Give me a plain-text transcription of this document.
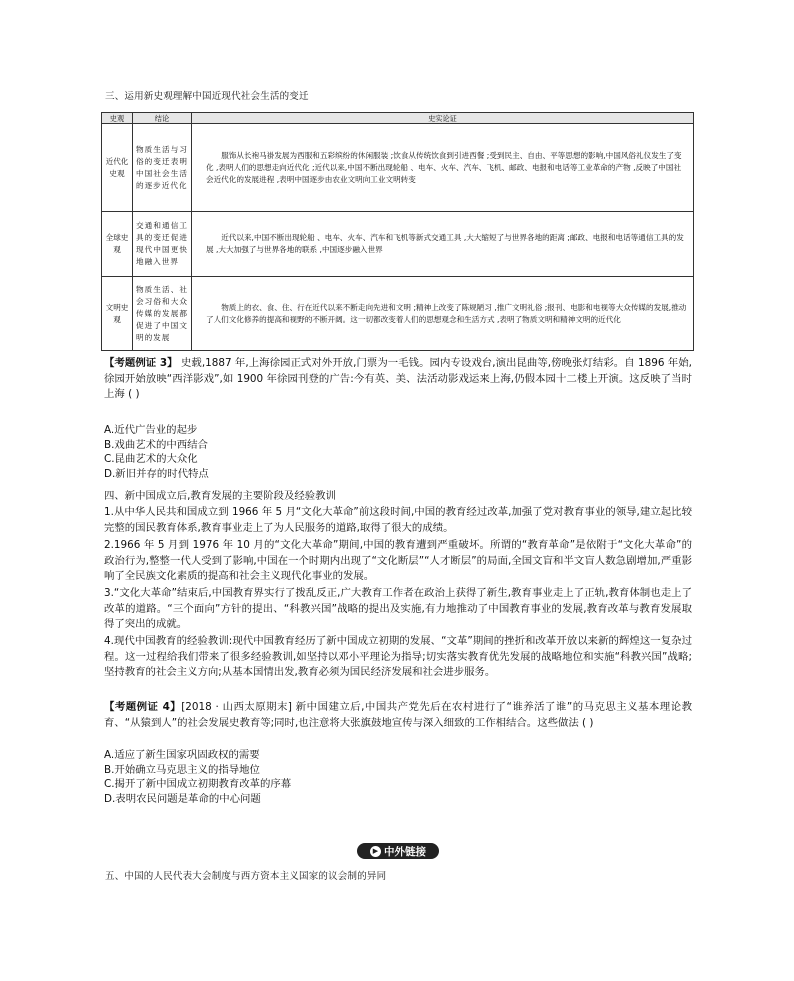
三、运用新史观理解中国近现代社会生活的变迁
史观	结论	史实论证
近代化史观	物质生活与习俗的变迁表明中国社会生活的逐步近代化	服饰从长袍马褂发展为西服和五彩缤纷的休闲服装 ;饮食从传统饮食到引进西餐 ;受到民主、自由、平等思想的影响,中国风俗礼仪发生了变化 ,表明人们的思想走向近代化 ;近代以来,中国不断出现轮船 、电车、火车、汽车、飞机、邮政、电报和电话等工业革命的产物 ,反映了中国社会近代化的发展进程 ,表明中国逐步由农业文明向工业文明转变
全球史观	交通和通信工具的变迁促进现代中国更快地融入世界	近代以来,中国不断出现轮船 、电车、火车、汽车和飞机等新式交通工具 ,大大缩短了与世界各地的距离 ;邮政、电报和电话等通信工具的发展 ,大大加强了与世界各地的联系 ,中国逐步融入世界
文明史观	物质生活、社会习俗和大众传媒的发展都促进了中国文明的发展	物质上的衣、食、住、行在近代以来不断走向先进和文明 ;精神上改变了陈规陋习 ,推广文明礼俗 ;报刊、电影和电视等大众传媒的发展,推动了人们文化修养的提高和视野的不断开阔。这一切都改变着人们的思想观念和生活方式 ,表明了物质文明和精神文明的近代化
【考题例证 3】 史载,1887 年,上海徐园正式对外开放,门票为一毛钱。园内专设戏台,演出昆曲等,傍晚张灯结彩。自 1896 年始,徐园开始放映“西洋影戏”,如 1900 年徐园刊登的广告:今有英、美、法活动影戏运来上海,仍假本园十二楼上开演。这反映了当时上海 ( )
A.近代广告业的起步
B.戏曲艺术的中西结合
C.昆曲艺术的大众化
D.新旧并存的时代特点
四、新中国成立后,教育发展的主要阶段及经验教训
1.从中华人民共和国成立到 1966 年 5 月“文化大革命”前这段时间,中国的教育经过改革,加强了党对教育事业的领导,建立起比较完整的国民教育体系,教育事业走上了为人民服务的道路,取得了很大的成绩。
2.1966 年 5 月到 1976 年 10 月的“文化大革命”期间,中国的教育遭到严重破坏。所谓的“教育革命”是依附于“文化大革命”的政治行为,整整一代人受到了影响,中国在一个时期内出现了“文化断层”“人才断层”的局面,全国文盲和半文盲人数急剧增加,严重影响了全民族文化素质的提高和社会主义现代化事业的发展。
3.“文化大革命”结束后,中国教育界实行了拨乱反正,广大教育工作者在政治上获得了新生,教育事业走上了正轨,教育体制也走上了改革的道路。“三个面向”方针的提出、“科教兴国”战略的提出及实施,有力地推动了中国教育事业的发展,教育改革与教育发展取得了突出的成就。
4.现代中国教育的经验教训:现代中国教育经历了新中国成立初期的发展、“文革”期间的挫折和改革开放以来新的辉煌这一复杂过程。这一过程给我们带来了很多经验教训,如坚持以邓小平理论为指导;切实落实教育优先发展的战略地位和实施“科教兴国”战略;坚持教育的社会主义方向;从基本国情出发,教育必须为国民经济发展和社会进步服务。
【考题例证 4】[2018 · 山西太原期末] 新中国建立后,中国共产党先后在农村进行了“谁养活了谁”的马克思主义基本理论教育、“从猿到人”的社会发展史教育等;同时,也注意将大张旗鼓地宣传与深入细致的工作相结合。这些做法 ( )
A.适应了新生国家巩固政权的需要
B.开始确立马克思主义的指导地位
C.揭开了新中国成立初期教育改革的序幕
D.表明农民问题是革命的中心问题
▶ 中外链接
五、中国的人民代表大会制度与西方资本主义国家的议会制的异同
